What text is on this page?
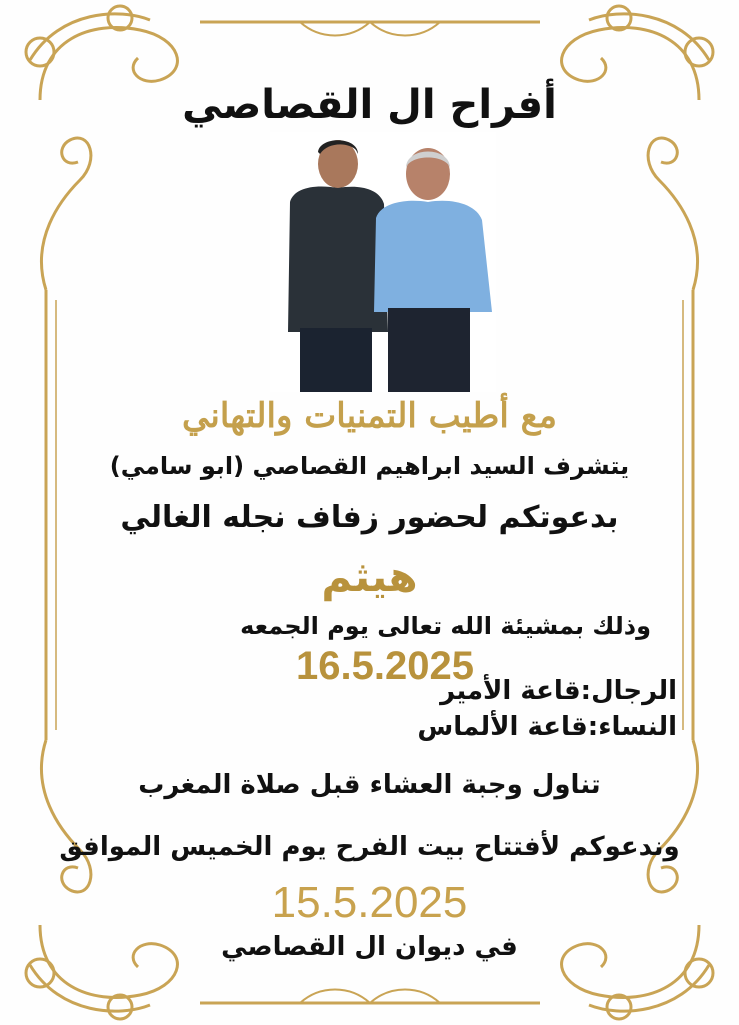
أفراح ال القصاصي
مع أطيب التمنيات والتهاني
يتشرف السيد ابراهيم القصاصي (ابو سامي)
بدعوتكم لحضور زفاف نجله الغالي
هيثم
وذلك بمشيئة الله تعالى يوم الجمعه
16.5.2025
الرجال:قاعة الأمير
النساء:قاعة الألماس
تناول وجبة العشاء قبل صلاة المغرب
وندعوكم لأفتتاح بيت الفرح يوم الخميس الموافق
15.5.2025
في ديوان ال القصاصي
